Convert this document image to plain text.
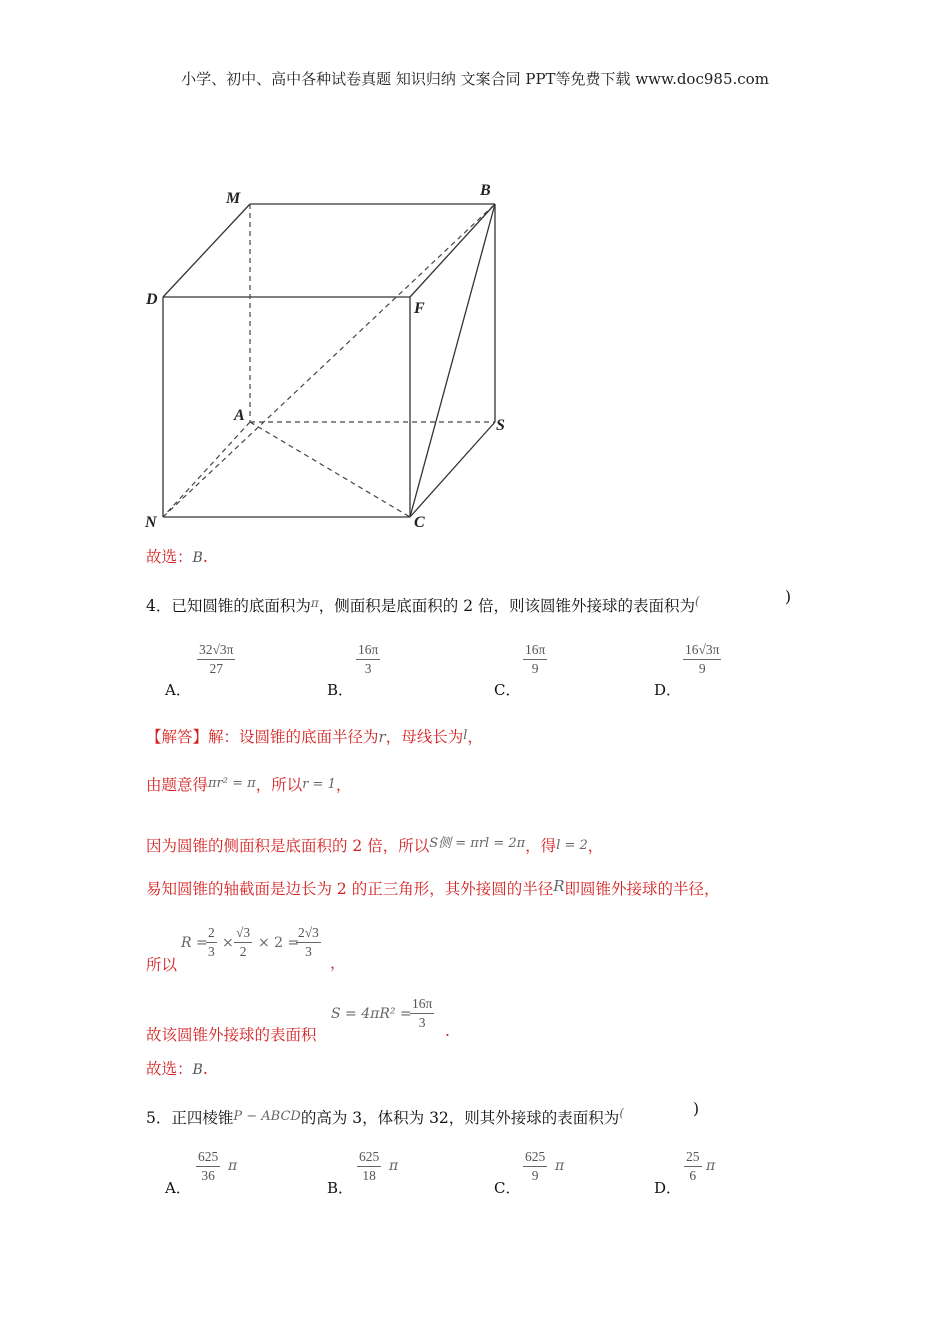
小学、初中、高中各种试卷真题 知识归纳 文案合同 PPT等免费下载 www.doc985.com
M	B
D
F
A
S
N	C
故选：B.
4．已知圆锥的底面积为$^\pi$，侧面积是底面积的 2 倍，则该圆锥外接球的表面积为(	)
$\frac{32√3\pi}{27}$
A．
$\frac{16\pi}{3}$
B．
$\frac{16\pi}{9}$
C．
$\frac{16√3\pi}{9}$
D．
【解答】解：设圆锥的底面半径为r，母线长为l，
由题意得πr² = π，所以r = 1，
因为圆锥的侧面积是底面积的 2 倍，所以$^{S侧 = \pi rl = 2\pi}$，得l = 2，
易知圆锥的轴截面是边长为 2 的正三角形，其外接圆的半径R即圆锥外接球的半径，
所以
R =
$\frac{2}{3} \times \frac{√3}{2} \times 2$ =
$\frac{2√3}{3}$
，
故该圆锥外接球的表面积
S = 4πR² =
$\frac{16\pi}{3}$ .
故选：B.
5．正四棱锥P − ABCD的高为 3，体积为 32，则其外接球的表面积为(	)
$\frac{625}{36}$ π
A．
$\frac{625}{18}$ π
B．
$\frac{625}{9}$ π
C．
$\frac{25}{6}$ π
D．
